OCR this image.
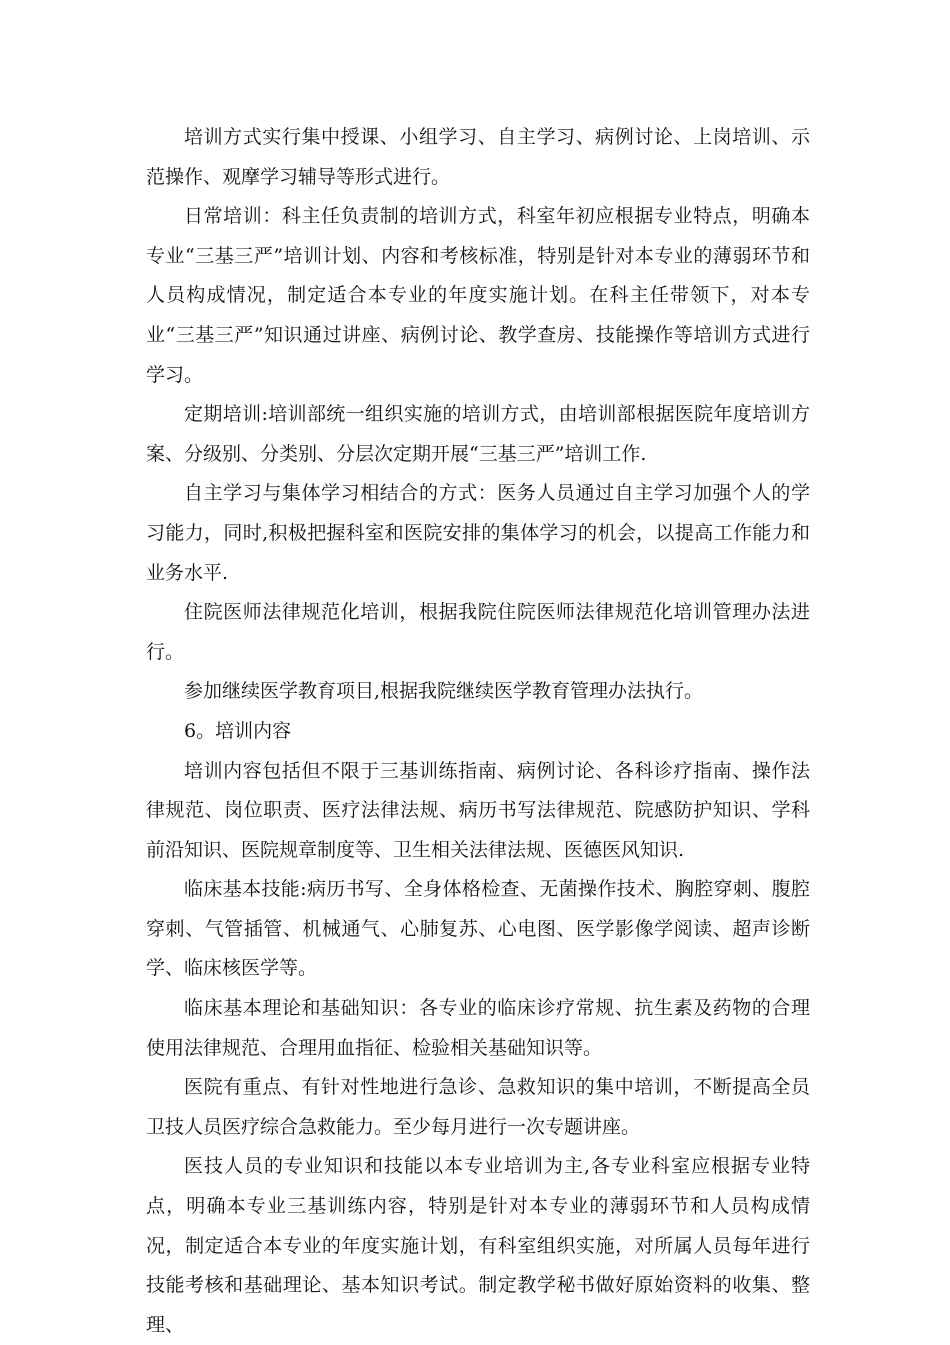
培训方式实行集中授课、小组学习、自主学习、病例讨论、上岗培训、示范操作、观摩学习辅导等形式进行。

日常培训：科主任负责制的培训方式，科室年初应根据专业特点，明确本专业“三基三严”培训计划、内容和考核标准，特别是针对本专业的薄弱环节和人员构成情况，制定适合本专业的年度实施计划。在科主任带领下，对本专业“三基三严”知识通过讲座、病例讨论、教学查房、技能操作等培训方式进行学习。

定期培训:培训部统一组织实施的培训方式，由培训部根据医院年度培训方案、分级别、分类别、分层次定期开展“三基三严”培训工作.

自主学习与集体学习相结合的方式：医务人员通过自主学习加强个人的学习能力，同时,积极把握科室和医院安排的集体学习的机会，以提高工作能力和业务水平.

住院医师法律规范化培训，根据我院住院医师法律规范化培训管理办法进行。

参加继续医学教育项目,根据我院继续医学教育管理办法执行。

6。培训内容

培训内容包括但不限于三基训练指南、病例讨论、各科诊疗指南、操作法律规范、岗位职责、医疗法律法规、病历书写法律规范、院感防护知识、学科前沿知识、医院规章制度等、卫生相关法律法规、医德医风知识.

临床基本技能:病历书写、全身体格检查、无菌操作技术、胸腔穿刺、腹腔穿刺、气管插管、机械通气、心肺复苏、心电图、医学影像学阅读、超声诊断学、临床核医学等。

临床基本理论和基础知识：各专业的临床诊疗常规、抗生素及药物的合理使用法律规范、合理用血指征、检验相关基础知识等。

医院有重点、有针对性地进行急诊、急救知识的集中培训，不断提高全员卫技人员医疗综合急救能力。至少每月进行一次专题讲座。

医技人员的专业知识和技能以本专业培训为主,各专业科室应根据专业特点，明确本专业三基训练内容，特别是针对本专业的薄弱环节和人员构成情况，制定适合本专业的年度实施计划，有科室组织实施，对所属人员每年进行技能考核和基础理论、基本知识考试。制定教学秘书做好原始资料的收集、整理、
